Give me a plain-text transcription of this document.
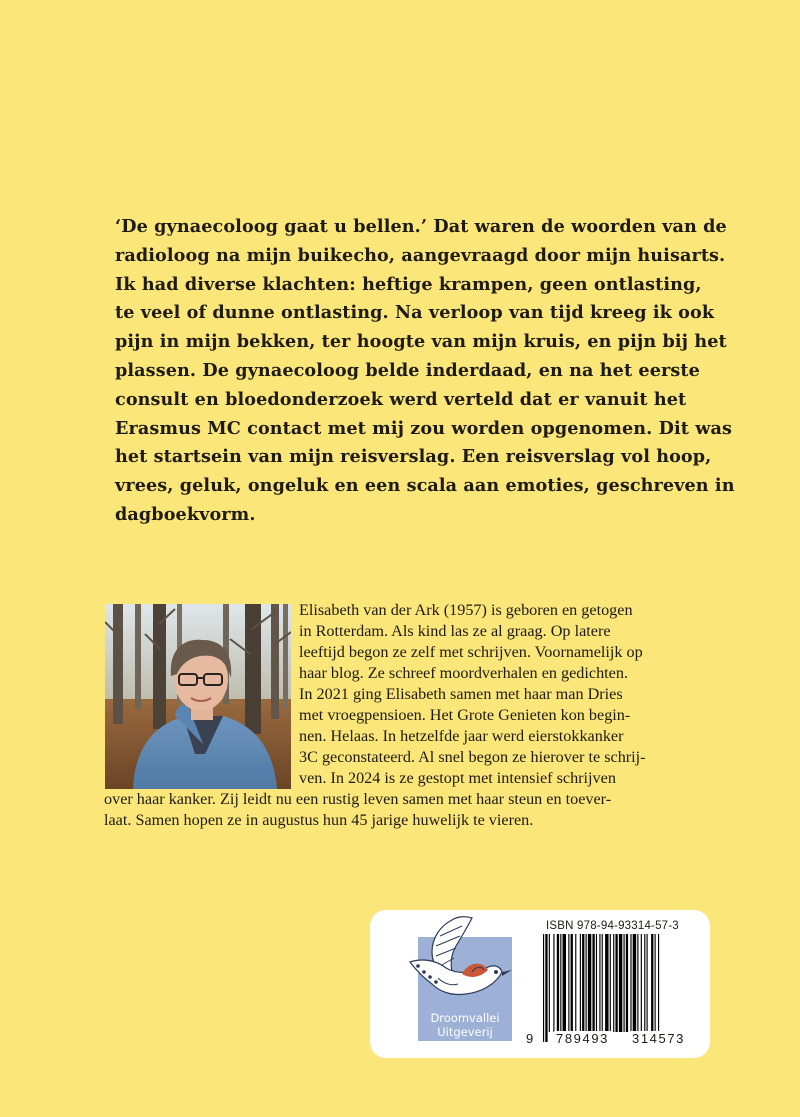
‘De gynaecoloog gaat u bellen.’ Dat waren de woorden van de
radioloog na mijn buikecho, aangevraagd door mijn huisarts.
Ik had diverse klachten: heftige krampen, geen ontlasting,
te veel of dunne ontlasting. Na verloop van tijd kreeg ik ook
pijn in mijn bekken, ter hoogte van mijn kruis, en pijn bij het
plassen. De gynaecoloog belde inderdaad, en na het eerste
consult en bloedonderzoek werd verteld dat er vanuit het
Erasmus MC contact met mij zou worden opgenomen. Dit was
het startsein van mijn reisverslag. Een reisverslag vol hoop,
vrees, geluk, ongeluk en een scala aan emoties, geschreven in
dagboekvorm.
Elisabeth van der Ark (1957) is geboren en getogen
in Rotterdam. Als kind las ze al graag. Op latere
leeftijd begon ze zelf met schrijven. Voornamelijk op
haar blog. Ze schreef moordverhalen en gedichten.
In 2021 ging Elisabeth samen met haar man Dries
met vroegpensioen. Het Grote Genieten kon begin-
nen. Helaas. In hetzelfde jaar werd eierstokkanker
3C geconstateerd. Al snel begon ze hierover te schrij-
ven. In 2024 is ze gestopt met intensief schrijven
over haar kanker. Zij leidt nu een rustig leven samen met haar steun en toever-
laat. Samen hopen ze in augustus hun 45 jarige huwelijk te vieren.
Droomvallei
Uitgeverij
ISBN 978-94-93314-57-3
9 789493 314573
